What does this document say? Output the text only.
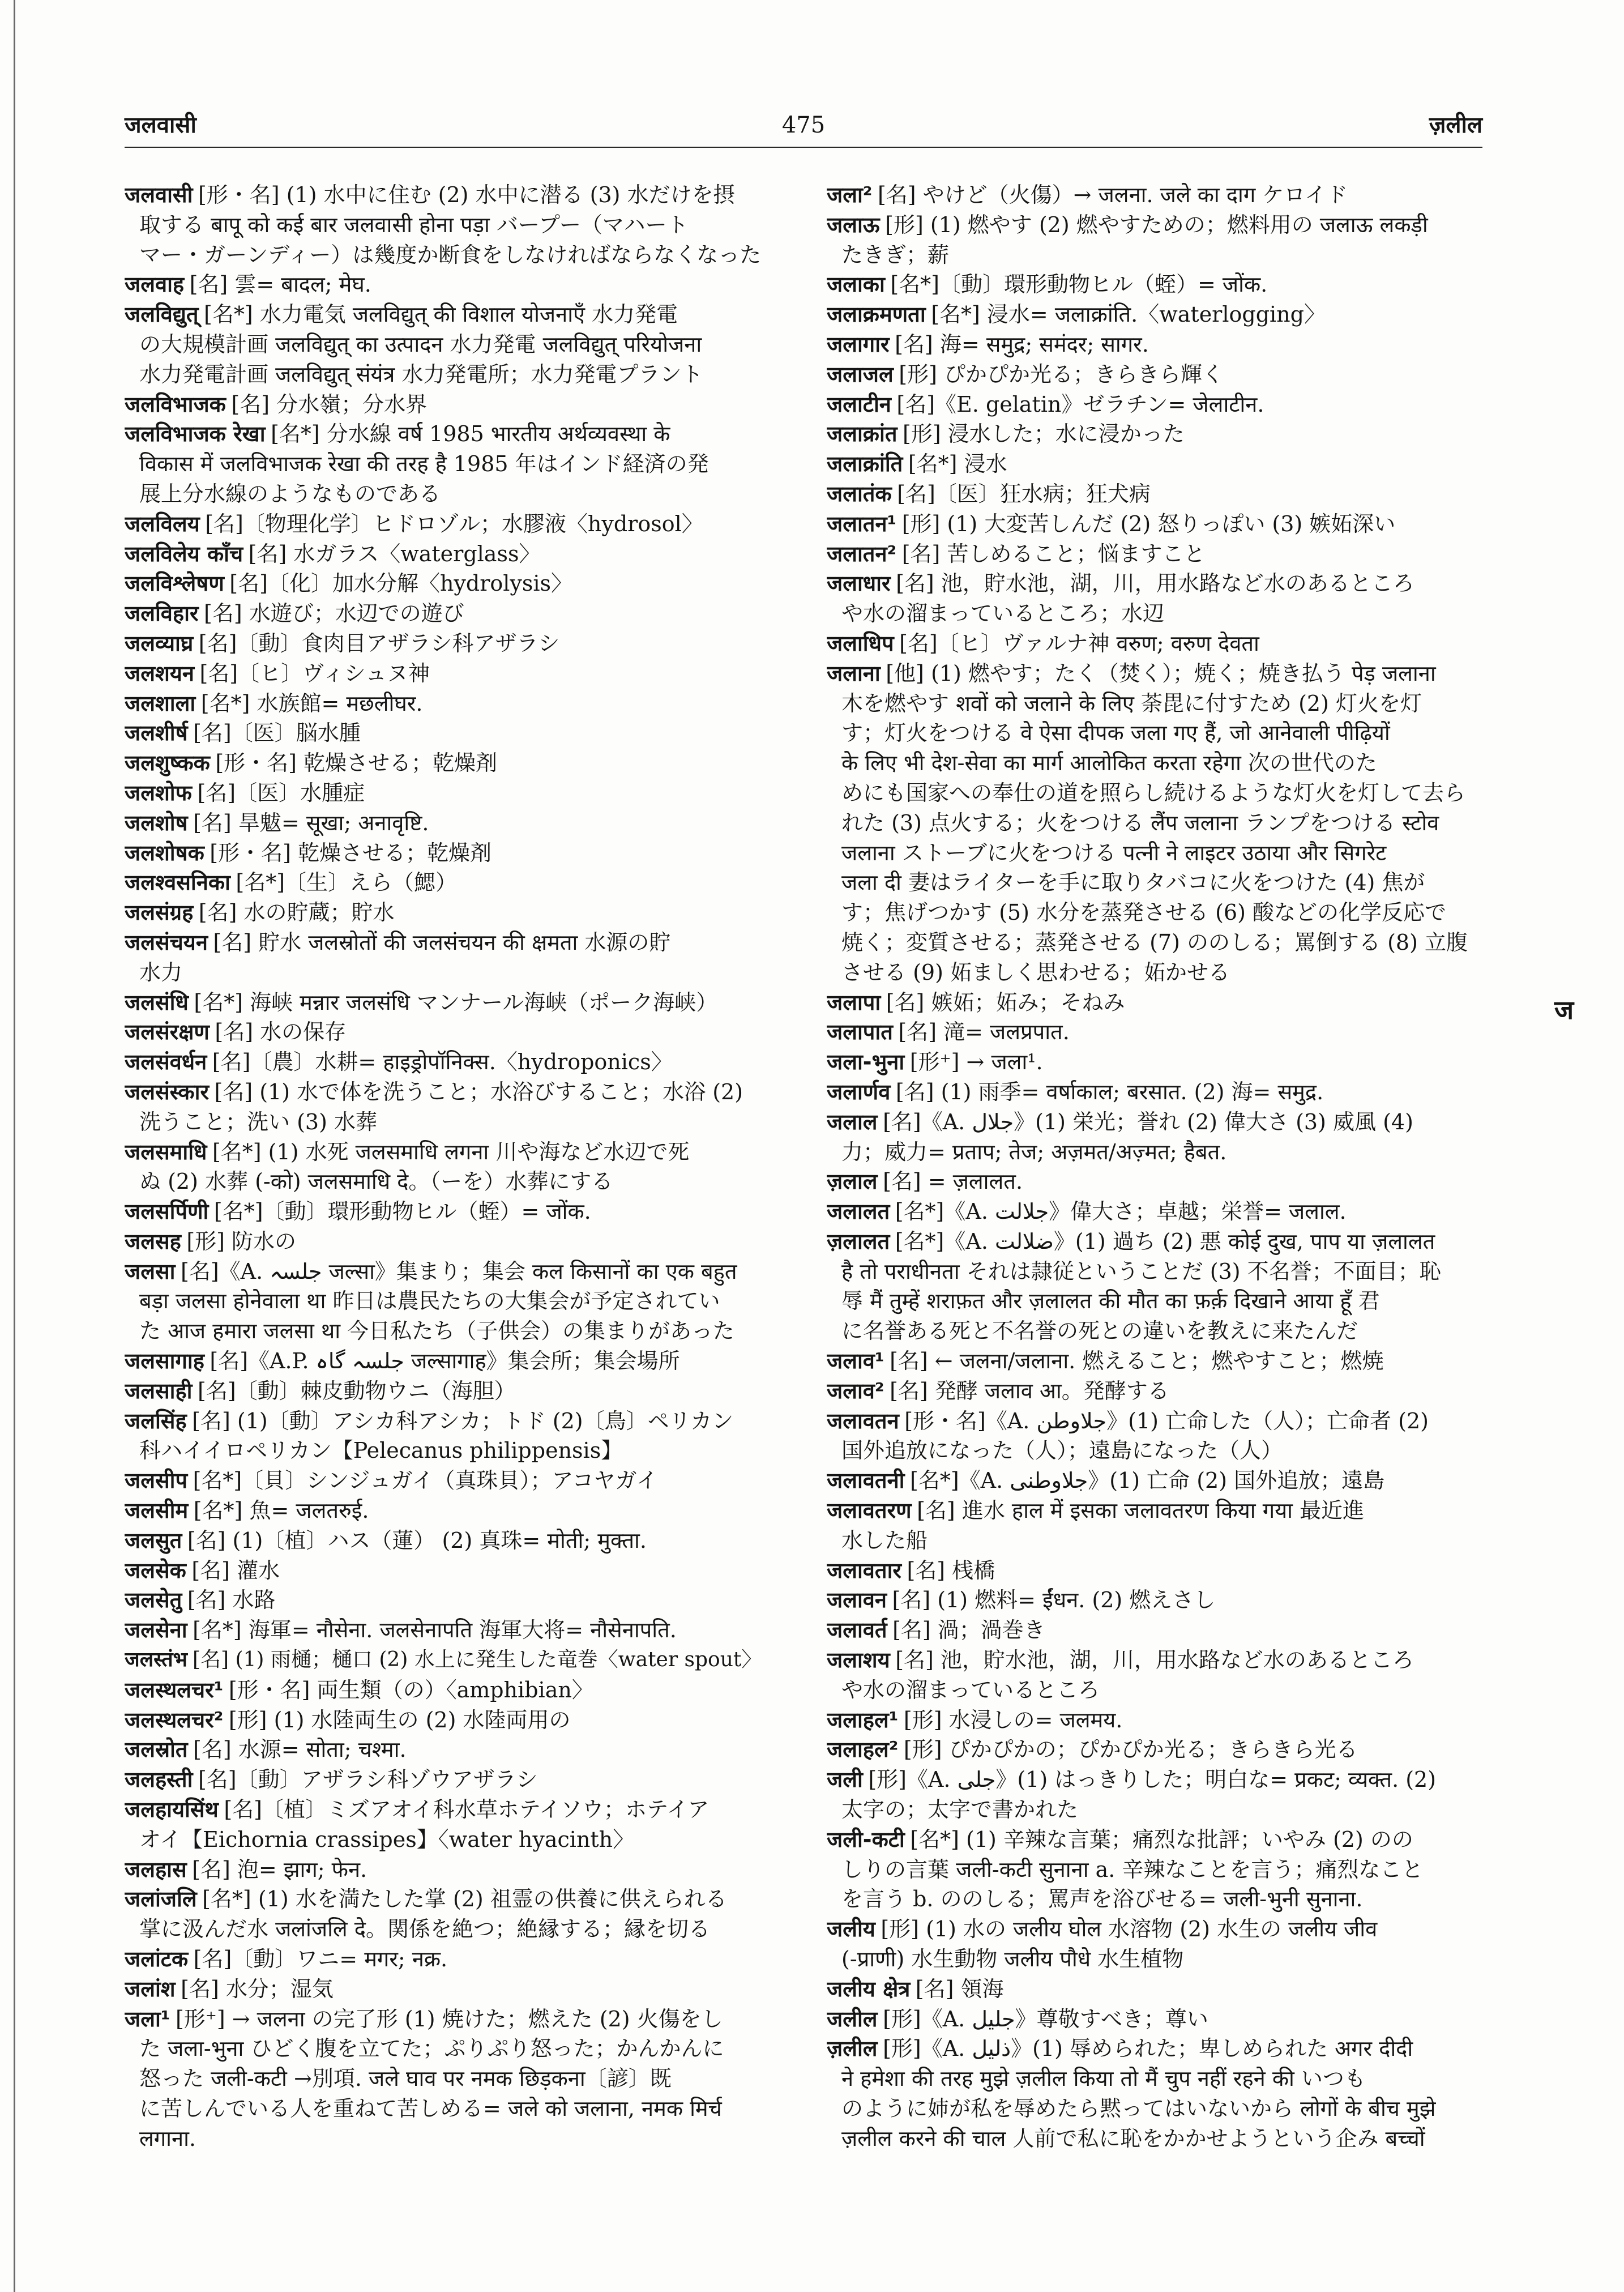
जलवासी	475	ज़लील
जलवासी [形・名] (1) 水中に住む (2) 水中に潜る (3) 水だけを摂
取する बापू को कई बार जलवासी होना पड़ा バープー（マハート
マー・ガーンディー）は幾度か断食をしなければならなくなった
जलवाह [名] 雲= बादल; मेघ.
जलविद्युत् [名*] 水力電気 जलविद्युत् की विशाल योजनाएँ 水力発電
の大規模計画 जलविद्युत् का उत्पादन 水力発電 जलविद्युत् परियोजना
水力発電計画 जलविद्युत् संयंत्र 水力発電所；水力発電プラント
जलविभाजक [名] 分水嶺；分水界
जलविभाजक रेखा [名*] 分水線 वर्ष 1985 भारतीय अर्थव्यवस्था के
विकास में जलविभाजक रेखा की तरह है 1985 年はインド経済の発
展上分水線のようなものである
जलविलय [名]〔物理化学〕ヒドロゾル；水膠液〈hydrosol〉
जलविलेय काँच [名] 水ガラス〈waterglass〉
जलविश्लेषण [名]〔化〕加水分解〈hydrolysis〉
जलविहार [名] 水遊び；水辺での遊び
जलव्याघ्र [名]〔動〕食肉目アザラシ科アザラシ
जलशयन [名]〔ヒ〕ヴィシュヌ神
जलशाला [名*] 水族館= मछलीघर.
जलशीर्ष [名]〔医〕脳水腫
जलशुष्कक [形・名] 乾燥させる；乾燥剤
जलशोफ [名]〔医〕水腫症
जलशोष [名] 旱魃= सूखा; अनावृष्टि.
जलशोषक [形・名] 乾燥させる；乾燥剤
जलश्वसनिका [名*]〔生〕えら（鰓）
जलसंग्रह [名] 水の貯蔵；貯水
जलसंचयन [名] 貯水 जलस्रोतों की जलसंचयन की क्षमता 水源の貯
水力
जलसंधि [名*] 海峡 मन्नार जलसंधि マンナール海峡（ポーク海峡）
जलसंरक्षण [名] 水の保存
जलसंवर्धन [名]〔農〕水耕= हाइड्रोपॉनिक्स.〈hydroponics〉
जलसंस्कार [名] (1) 水で体を洗うこと；水浴びすること；水浴 (2)
洗うこと；洗い (3) 水葬
जलसमाधि [名*] (1) 水死 जलसमाधि लगना 川や海など水辺で死
ぬ (2) 水葬 (-को) जलसमाधि दे。（ーを）水葬にする
जलसर्पिणी [名*]〔動〕環形動物ヒル（蛭）= जोंक.
जलसह [形] 防水の
जलसा [名]《A. جلسہ जल्सा》集まり；集会 कल किसानों का एक बहुत
बड़ा जलसा होनेवाला था 昨日は農民たちの大集会が予定されてい
た आज हमारा जलसा था 今日私たち（子供会）の集まりがあった
जलसागाह [名]《A.P. جلسہ گاہ जल्सागाह》集会所；集会場所
जलसाही [名]〔動〕棘皮動物ウニ（海胆）
जलसिंह [名] (1)〔動〕アシカ科アシカ；トド (2)〔鳥〕ペリカン
科ハイイロペリカン【Pelecanus philippensis】
जलसीप [名*]〔貝〕シンジュガイ（真珠貝）；アコヤガイ
जलसीम [名*] 魚= जलतरुई.
जलसुत [名] (1)〔植〕ハス（蓮） (2) 真珠= मोती; मुक्ता.
जलसेक [名] 灌水
जलसेतु [名] 水路
जलसेना [名*] 海軍= नौसेना. जलसेनापति 海軍大将= नौसेनापति.
जलस्तंभ [名] (1) 雨樋；樋口 (2) 水上に発生した竜巻〈water spout〉
जलस्थलचर¹ [形・名] 両生類（の）〈amphibian〉
जलस्थलचर² [形] (1) 水陸両生の (2) 水陸両用の
जलस्रोत [名] 水源= सोता; चश्मा.
जलहस्ती [名]〔動〕アザラシ科ゾウアザラシ
जलहायसिंथ [名]〔植〕ミズアオイ科水草ホテイソウ；ホテイア
オイ【Eichornia crassipes】〈water hyacinth〉
जलहास [名] 泡= झाग; फेन.
जलांजलि [名*] (1) 水を満たした掌 (2) 祖霊の供養に供えられる
掌に汲んだ水 जलांजलि दे。関係を絶つ；絶縁する；縁を切る
जलांटक [名]〔動〕ワニ= मगर; नक्र.
जलांश [名] 水分；湿気
जला¹ [形⁺] → जलना の完了形 (1) 焼けた；燃えた (2) 火傷をし
た जला-भुना ひどく腹を立てた；ぷりぷり怒った；かんかんに
怒った जली-कटी →別項. जले घाव पर नमक छिड़कना〔諺〕既
に苦しんでいる人を重ねて苦しめる= जले को जलाना, नमक मिर्च
लगाना.
जला² [名] やけど（火傷）→ जलना. जले का दाग ケロイド
जलाऊ [形] (1) 燃やす (2) 燃やすための；燃料用の जलाऊ लकड़ी
たきぎ；薪
जलाका [名*]〔動〕環形動物ヒル（蛭）= जोंक.
जलाक्रमणता [名*] 浸水= जलाक्रांति.〈waterlogging〉
जलागार [名] 海= समुद्र; समंदर; सागर.
जलाजल [形] ぴかぴか光る；きらきら輝く
जलाटीन [名]《E. gelatin》ゼラチン= जेलाटीन.
जलाक्रांत [形] 浸水した；水に浸かった
जलाक्रांति [名*] 浸水
जलातंक [名]〔医〕狂水病；狂犬病
जलातन¹ [形] (1) 大変苦しんだ (2) 怒りっぽい (3) 嫉妬深い
जलातन² [名] 苦しめること；悩ますこと
जलाधार [名] 池，貯水池，湖，川，用水路など水のあるところ
や水の溜まっているところ；水辺
जलाधिप [名]〔ヒ〕ヴァルナ神 वरुण; वरुण देवता
जलाना [他] (1) 燃やす；たく（焚く）；焼く；焼き払う पेड़ जलाना
木を燃やす शवों को जलाने के लिए 荼毘に付すため (2) 灯火を灯
す；灯火をつける वे ऐसा दीपक जला गए हैं, जो आनेवाली पीढ़ियों
के लिए भी देश-सेवा का मार्ग आलोकित करता रहेगा 次の世代のた
めにも国家への奉仕の道を照らし続けるような灯火を灯して去ら
れた (3) 点火する；火をつける लैंप जलाना ランプをつける स्टोव
जलाना ストーブに火をつける पत्नी ने लाइटर उठाया और सिगरेट
जला दी 妻はライターを手に取りタバコに火をつけた (4) 焦が
す；焦げつかす (5) 水分を蒸発させる (6) 酸などの化学反応で
焼く；変質させる；蒸発させる (7) ののしる；罵倒する (8) 立腹
させる (9) 妬ましく思わせる；妬かせる
जलापा [名] 嫉妬；妬み；そねみ
जलापात [名] 滝= जलप्रपात.
जला-भुना [形⁺] → जला¹.
जलार्णव [名] (1) 雨季= वर्षाकाल; बरसात. (2) 海= समुद्र.
जलाल [名]《A. جلال》(1) 栄光；誉れ (2) 偉大さ (3) 威風 (4)
力；威力= प्रताप; तेज; अज़मत/अज़्मत; हैबत.
ज़लाल [名] = ज़लालत.
जलालत [名*]《A. جلالت》偉大さ；卓越；栄誉= जलाल.
ज़लालत [名*]《A. ضلالت》(1) 過ち (2) 悪 कोई दुख, पाप या ज़लालत
है तो पराधीनता それは隷従ということだ (3) 不名誉；不面目；恥
辱 मैं तुम्हें शराफ़त और ज़लालत की मौत का फ़र्क़ दिखाने आया हूँ 君
に名誉ある死と不名誉の死との違いを教えに来たんだ
जलाव¹ [名] ← जलना/जलाना. 燃えること；燃やすこと；燃焼
जलाव² [名] 発酵 जलाव आ。発酵する
जलावतन [形・名]《A. جلاوطن》(1) 亡命した（人）；亡命者 (2)
国外追放になった（人）；遠島になった（人）
जलावतनी [名*]《A. جلاوطنی》(1) 亡命 (2) 国外追放；遠島
जलावतरण [名] 進水 हाल में इसका जलावतरण किया गया 最近進
水した船
जलावतार [名] 桟橋
जलावन [名] (1) 燃料= ईंधन. (2) 燃えさし
जलावर्त [名] 渦；渦巻き
जलाशय [名] 池，貯水池，湖，川，用水路など水のあるところ
や水の溜まっているところ
जलाहल¹ [形] 水浸しの= जलमय.
जलाहल² [形] ぴかぴかの；ぴかぴか光る；きらきら光る
जली [形]《A. جلی》(1) はっきりした；明白な= प्रकट; व्यक्त. (2)
太字の；太字で書かれた
जली-कटी [名*] (1) 辛辣な言葉；痛烈な批評；いやみ (2) のの
しりの言葉 जली-कटी सुनाना a. 辛辣なことを言う；痛烈なこと
を言う b. ののしる；罵声を浴びせる= जली-भुनी सुनाना.
जलीय [形] (1) 水の जलीय घोल 水溶物 (2) 水生の जलीय जीव
(-प्राणी) 水生動物 जलीय पौधे 水生植物
जलीय क्षेत्र [名] 領海
जलील [形]《A. جلیل》尊敬すべき；尊い
ज़लील [形]《A. ذلیل》(1) 辱められた；卑しめられた अगर दीदी
ने हमेशा की तरह मुझे ज़लील किया तो मैं चुप नहीं रहने की いつも
のように姉が私を辱めたら黙ってはいないから लोगों के बीच मुझे
ज़लील करने की चाल 人前で私に恥をかかせようという企み बच्चों
ज
